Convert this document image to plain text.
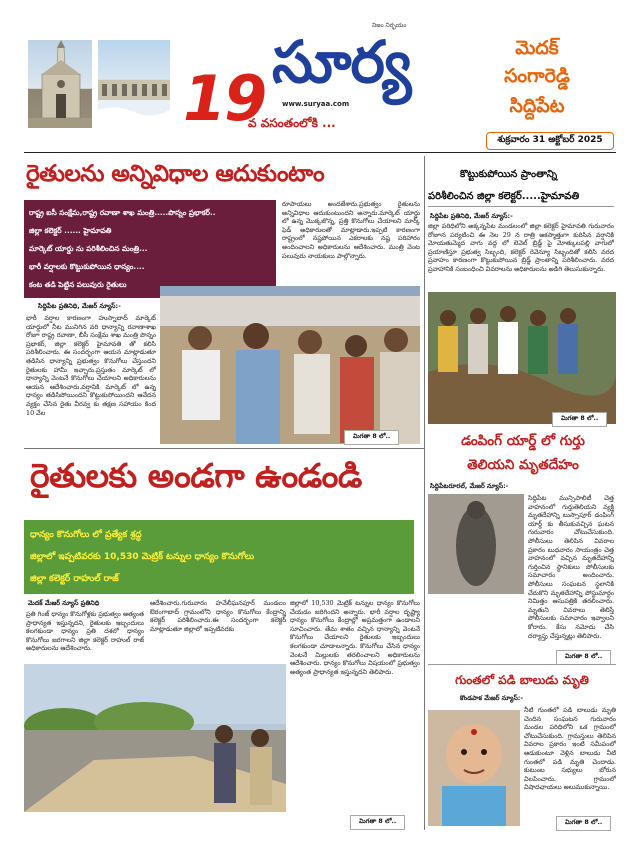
19
వ వసంతంలోకి ...
సూర్య
నిజం నిర్భయం
www.suryaa.com
మెదక్
సంగారెడ్డి
సిద్దిపేట
శుక్రవారం 31 అక్టోబర్ 2025
రైతులను అన్నివిధాల ఆదుకుంటాం
రాష్ట్ర ఐసీ సంక్షేమ,రాష్ట్ర రవాణా శాఖ మంత్రి.....పొన్నం ప్రభాకర్..
జిల్లా కలెక్టర్ ...... హైమావతి
మార్కెట్ యార్డు ను పరిశీలించిన మంత్రి...
భారీ వర్షాలకు కొట్టుకుపోయిన ధాన్యం....
కంట తడి పెట్టిన పలువురు రైతులు
సిద్దిపేట ప్రతినిధి, మేజర్ న్యూస్:-
భారీ వర్షాల కారణంగా హుస్నాబాద్ మార్కెట్ యార్డులో నీట మునిగిన వరి ధాన్యాన్ని రవాణాశాఖ రోజూ రాష్ట్ర రవాణా, బీసీ సంక్షేమ శాఖ మంత్రి పొన్నం ప్రభాకర్, జిల్లా కలెక్టర్ హైమావతి తో కలిసి పరిశీలించారు. ఈ సందర్భంగా ఆయన మాట్లాడుతూ తడిసిన ధాన్యాన్ని ప్రభుత్వం కొనుగోలు చేస్తుందని రైతులకు హామీ ఇచ్చారు.ప్రస్తుతం మార్కెట్ లో ధాన్యాన్ని వెంటనే కొనుగోలు చేయాలని అధికారులను ఆయన ఆదేశించారు.వర్షానికి మార్కెట్ లో ఉన్న ధాన్యం తడిసిపోయిందని కొట్టుకుపోయిందని ఆవేదన వ్యక్తం చేసిన రైతు వీరవ్వ కు తక్షణ సహాయం కింద 10 వేల
రూపాయలు అందజేశారు.ప్రభుత్వం రైతులను అన్నివిధాల ఆదుకుంటుందని అన్నారు.మార్కెట్ యార్డు లో ఉన్న మొక్కజొన్న, ప్రత్తి కొనుగోలు చేయాలని మార్క్ ఫెడ్ అధికారులతో మాట్లాడారు.ఇప్పటి కారణంగా రాష్ట్రంలో నష్టపోయిన ఎకరాలకు నష్ట పరిహారం అందించాలని అధికారులను ఆదేశించారు. మంత్రి వెంట పలువురు నాయకులు పాల్గొన్నారు.
మిగతా 8 లో..
కొట్టుకుపోయిన ప్రాంతాన్ని
పరిశీలించిన జిల్లా కలెక్టర్.....హైమావతి
సిద్దిపేట ప్రతినిధి, మేజర్ న్యూస్:-
జిల్లా పరిధిలోని అక్కన్నపేట మండలంలో జిల్లా కలెక్టర్ హైమావతి గురువారం రోజూన పర్యటించి ఈ నెల 29 న రాత్రి అకస్మాత్తుగా కురిసిన వర్షానికి మోయతుమ్మెద వాగు వద్ద లో లెవెల్ బ్రిడ్జ్ పై మోత్కులపల్లి వాగులో ప్రయాణిస్తూ ప్రభుత్వ సిబ్బంది, కలెక్టర్ రెవెన్యూ సిబ్బందితో కలిసి వరద ప్రవాహం కారణంగా కొట్టుకుపోయిన బ్రిడ్జ్ ప్రాంతాన్ని పరిశీలించారు. వరద ప్రవాహానికి సంబంధించి వివరాలను అధికారులను అడిగి తెలుసుకున్నారు.
మిగతా 8 లో..
రైతులకు అండగా ఉండండి
ధాన్యం కొనుగోలు లో ప్రత్యేక శ్రద్ధ
జిల్లాలో ఇప్పటివరకు 10,530 మెట్రిక్ టన్నుల ధాన్యం కొనుగోలు
జిల్లా కలెక్టర్ రాహుల్ రాజ్
మెదక్ మేజర్ న్యూస్ ప్రతినిధి
ప్రతి గింజ్ ధాన్యం కొనుగోళ్లకు ప్రభుత్వం అత్యంత ప్రాధాన్యత ఇస్తున్నదని, రైతులకు ఇబ్బందులు కలగకుండా ధాన్యం ప్రతి దశలో ధాన్యం కొనుగోలు జరగాలని జిల్లా కలెక్టర్ రాహుల్ రాజ్ అధికారులను ఆదేశించారు.
ఆదేశించారు.గురువారం హవేలీఘనపూర్ మండలం ఔరంగాబాద్ గ్రామంలోని ధాన్యం కొనుగోలు కేంద్రాన్ని కలెక్టర్ పరిశీలించారు.ఈ సందర్భంగా కలెక్టర్ మాట్లాడుతూ జిల్లాలో ఇప్పటివరకు
జిల్లాలో 10,530 మెట్రిక్ టన్నుల ధాన్యం కొనుగోలు చేయడం జరిగిందని అన్నారు. భారీ వర్షాల దృష్ట్యా ధాన్యం కొనుగోలు కేంద్రాల్లో అప్రమత్తంగా ఉండాలని సూచించారు. తేమ శాతం వచ్చిన ధాన్యాన్ని వెంటనే కొనుగోలు చేయాలని రైతులకు ఇబ్బందులు కలగకుండా చూడాలన్నారు. కొనుగోలు చేసిన ధాన్యం వెంటనే మిల్లులకు తరలించాలని అధికారులను ఆదేశించారు. ధాన్యం కొనుగోలు విషయంలో ప్రభుత్వం అత్యంత ప్రాధాన్యత ఇస్తున్నదని తెలిపారు.
మిగతా 8 లో..
డంపింగ్ యార్డ్ లో గుర్తు
తెలియని మృతదేహం
సిద్దిపేటరూరల్, మేజర్ న్యూస్:-
సిద్దిపేట మున్సిపాలిటీ చెత్త వాహనంలో గుర్తుతెలియని వ్యక్తి మృతదేహాన్ని బుస్సాపూర్ డంపింగ్ యార్డ్ కు తీసుకువచ్చిన ఘటన గురువారం చోటుచేసుకుంది. పోలీసులు తెలిపిన వివరాల ప్రకారం బుధవారం సాయంత్రం చెత్త వాహనంలో వచ్చిన మృతదేహాన్ని గుర్తించిన స్థానికులు పోలీసులకు సమాచారం అందించారు. పోలీసులు సంఘటన స్థలానికి చేరుకొని మృతదేహాన్ని పోస్టుమార్టం నిమిత్తం ఆసుపత్రికి తరలించారు. మృతుని వివరాలు తెలిస్తే పోలీసులకు సమాచారం ఇవ్వాలని కోరారు. కేసు నమోదు చేసి దర్యాప్తు చేస్తున్నట్లు తెలిపారు.
మిగతా 8 లో..
గుంతలో పడి బాలుడు మృతి
కొండపాక మేజర్ న్యూస్:-
నీటి గుంతలో పడి బాలుడు మృతి చెందిన సంఘటన గురువారం మండల పరిధిలోని ఒక గ్రామంలో చోటుచేసుకుంది. గ్రామస్తులు తెలిపిన వివరాల ప్రకారం ఇంటి సమీపంలో ఆడుకుంటూ వెళ్లిన బాలుడు నీటి గుంతలో పడి మృతి చెందాడు. కుటుంబ సభ్యులు బోరున విలపించారు. గ్రామంలో విషాదఛాయలు అలుముకున్నాయి.
మిగతా 8 లో..
